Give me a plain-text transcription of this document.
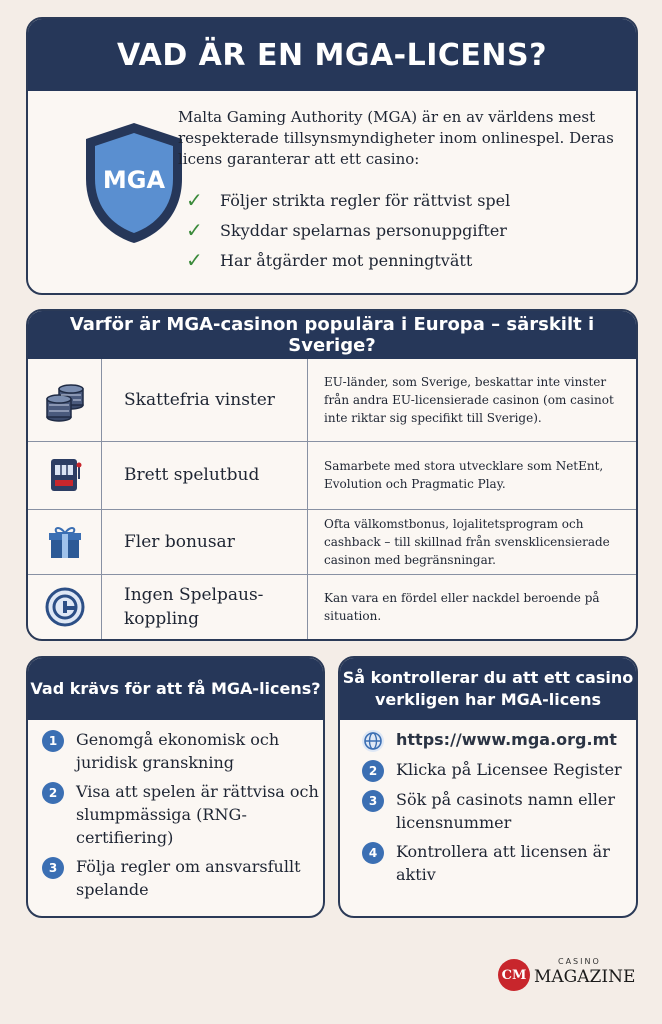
VAD ÄR EN MGA-LICENS?
MGA
Malta Gaming Authority (MGA) är en av världens mest respekterade tillsynsmyndigheter inom onlinespel. Deras licens garanterar att ett casino:
✓	Följer strikta regler för rättvist spel
✓	Skyddar spelarnas personuppgifter
✓	Har åtgärder mot penningtvätt
Varför är MGA-casinon populära i Europa – särskilt i Sverige?
	Skattefria vinster	EU-länder, som Sverige, beskattar inte vinster från andra EU-licensierade casinon (om casinot inte riktar sig specifikt till Sverige).

	Brett spelutbud	Samarbete med stora utvecklare som NetEnt, Evolution och Pragmatic Play.

	Fler bonusar	Ofta välkomstbonus, lojalitetsprogram och cashback – till skillnad från svensklicensierade casinon med begränsningar.

	Ingen Spelpaus-koppling	Kan vara en fördel eller nackdel beroende på situation.
Vad krävs för att få MGA-licens?
1	Genomgå ekonomisk och juridisk granskning
2	Visa att spelen är rättvisa och slumpmässiga (RNG-certifiering)
3	Följa regler om ansvarsfullt spelande
Så kontrollerar du att ett casino verkligen har MGA-licens
https://www.mga.org.mt
2	Klicka på Licensee Register
3	Sök på casinots namn eller licensnummer
4	Kontrollera att licensen är aktiv
CM
CASINO
MAGAZINE
